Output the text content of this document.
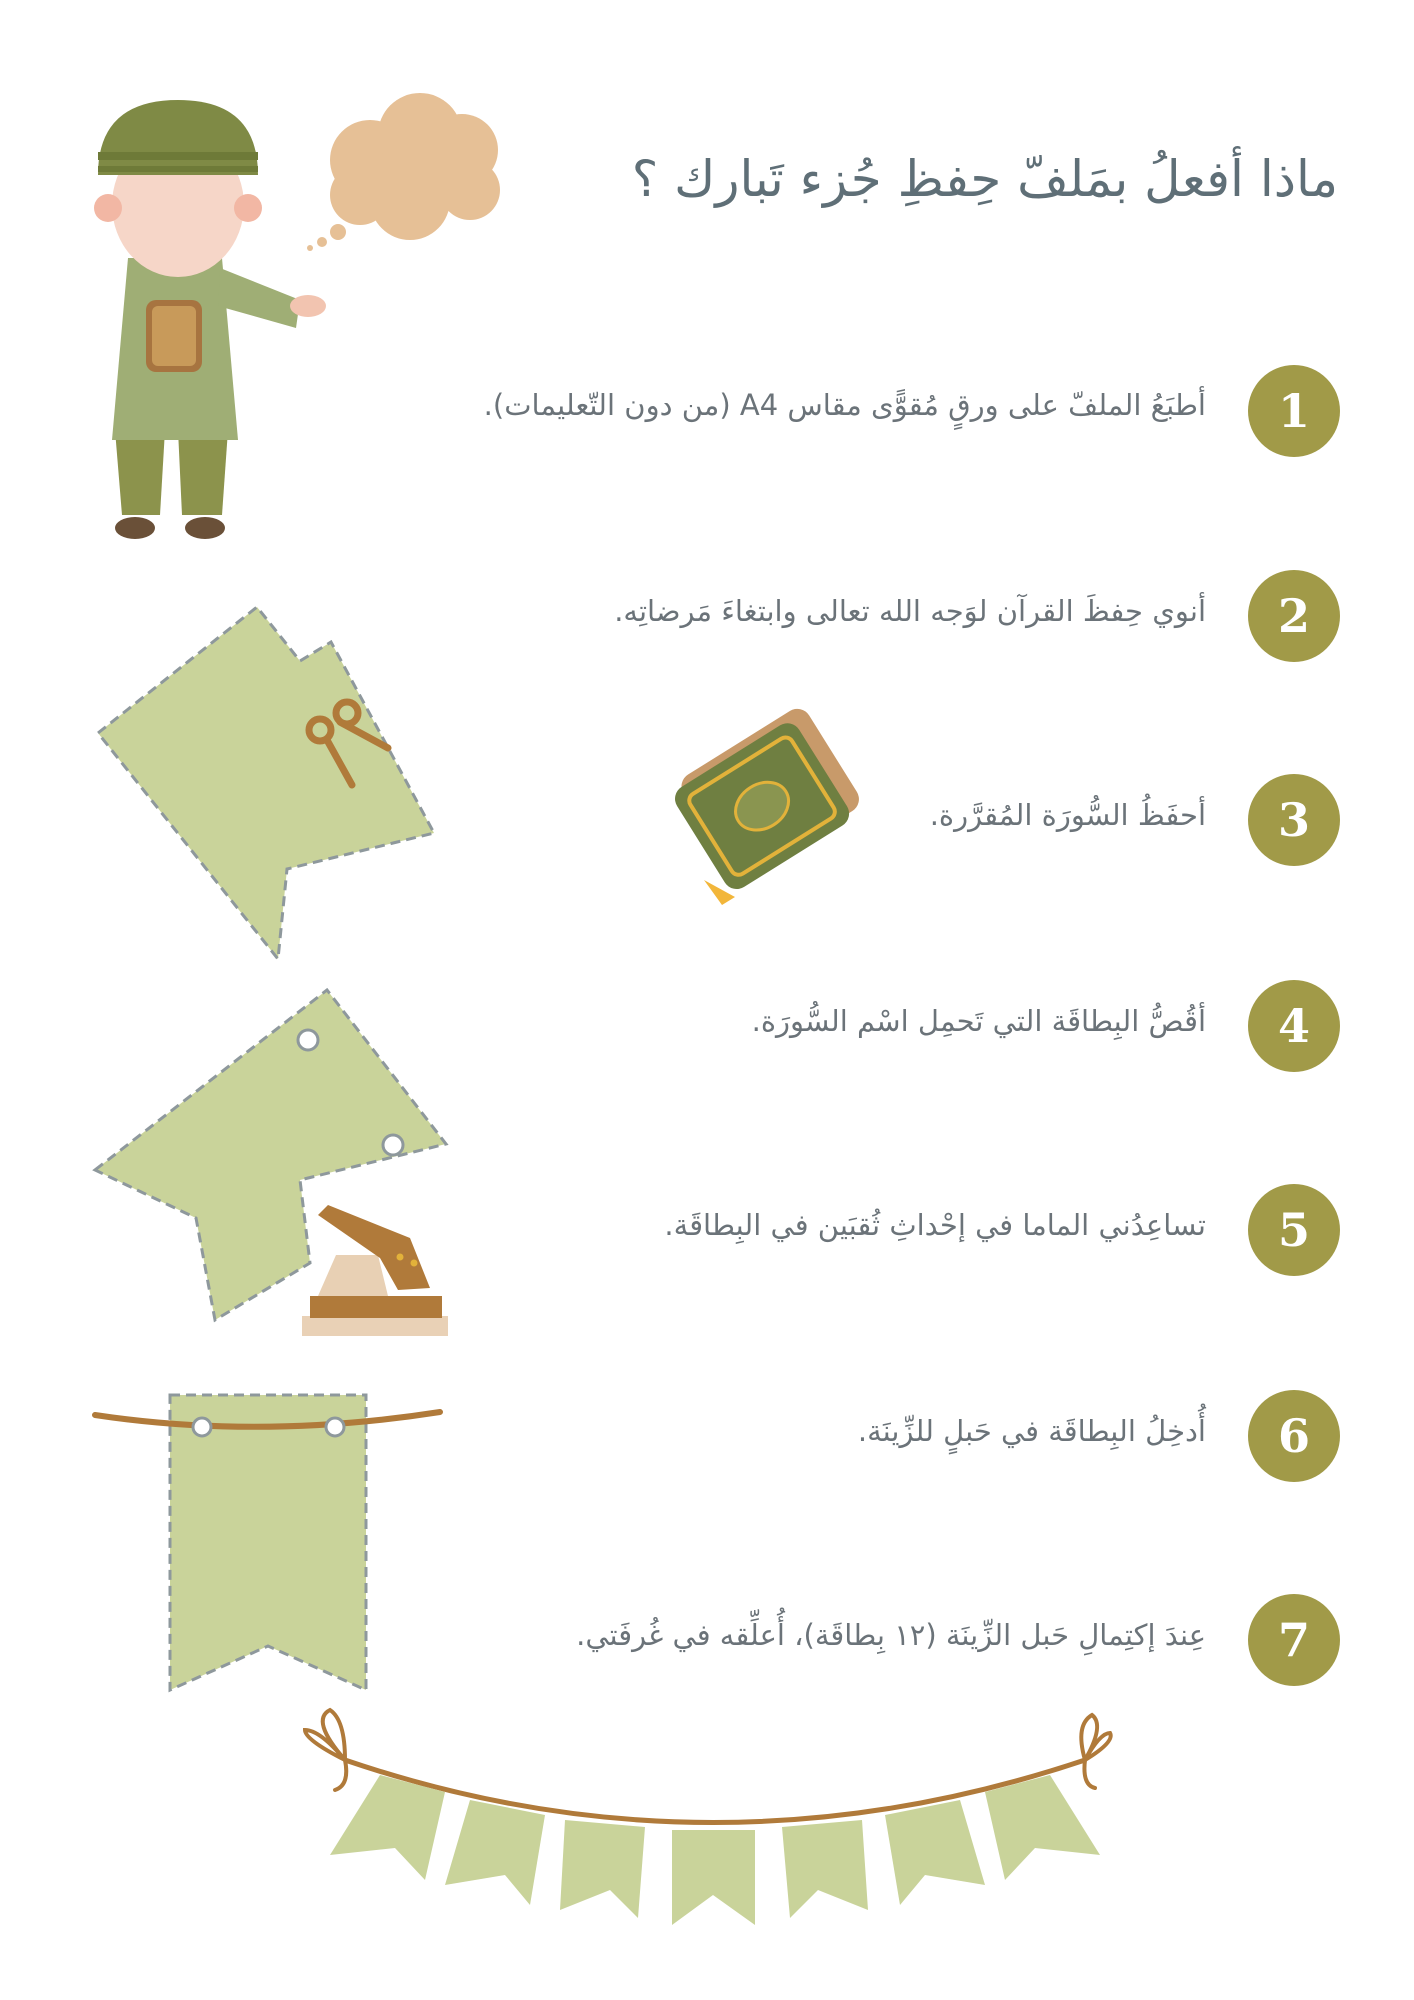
ماذا أفعلُ بمَلفّ حِفظِ جُزء تَبارك ؟
أطبَعُ الملفّ على ورقٍ مُقوًّى مقاس A4 (من دون التّعليمات).	1
أنوي حِفظَ القرآن لوَجه الله تعالى وابتغاءَ مَرضاتِه.	2
أحفَظُ السُّورَة المُقرَّرة.	3
أقُصُّ البِطاقَة التي تَحمِل اسْم السُّورَة.	4
تساعِدُني الماما في إحْداثِ ثُقبَين في البِطاقَة.	5
أُدخِلُ البِطاقَة في حَبلٍ للزِّينَة.	6
عِندَ إكتِمالِ حَبل الزِّينَة (١٢ بِطاقَة)، أُعلِّقه في غُرفَتي.	7
